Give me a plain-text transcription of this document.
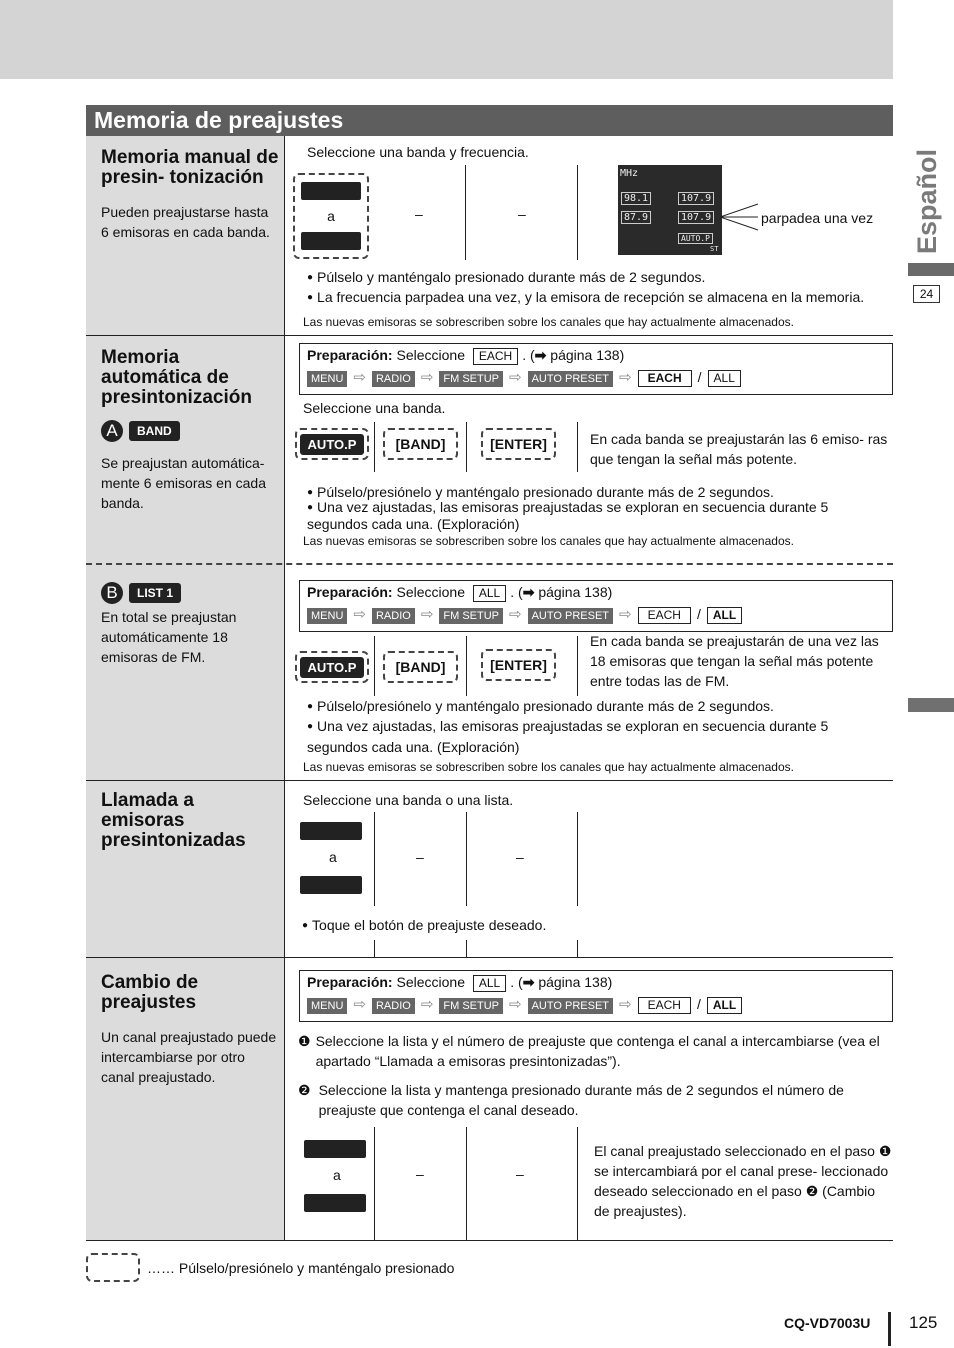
Memoria de preajustes
Español
24
Memoria manual de presin- tonización
Pueden preajustarse hasta 6 emisoras en cada banda.
Seleccione una banda y frecuencia.
a	–	–
MHz
98.1
87.9
107.9
107.9
AUTO.P
ST
parpadea una vez
● Púlselo y manténgalo presionado durante más de 2 segundos.
● La frecuencia parpadea una vez, y la emisora de recepción se almacena en la memoria.
Las nuevas emisoras se sobrescriben sobre los canales que hay actualmente almacenados.
Memoria automática de presintonización
A	BAND
Se preajustan automática- mente 6 emisoras en cada banda.
Preparación: Seleccione EACH . (➡ página 138)
MENU ⇨ RADIO ⇨ FM SETUP ⇨ AUTO PRESET ⇨ EACH / ALL
Seleccione una banda.
AUTO.P	[BAND]	[ENTER]	En cada banda se preajustarán las 6 emiso- ras que tengan la señal más potente.
● Púlselo/presiónelo y manténgalo presionado durante más de 2 segundos.
● Una vez ajustadas, las emisoras preajustadas se exploran en secuencia durante 5 segundos cada una. (Exploración)
Las nuevas emisoras se sobrescriben sobre los canales que hay actualmente almacenados.
B	LIST 1
En total se preajustan automáticamente 18 emisoras de FM.
Preparación: Seleccione ALL . (➡ página 138)
MENU ⇨ RADIO ⇨ FM SETUP ⇨ AUTO PRESET ⇨ EACH / ALL
AUTO.P	[BAND]	[ENTER]
En cada banda se preajustarán de una vez las 18 emisoras que tengan la señal más potente entre todas las de FM.
● Púlselo/presiónelo y manténgalo presionado durante más de 2 segundos.
● Una vez ajustadas, las emisoras preajustadas se exploran en secuencia durante 5 segundos cada una. (Exploración)
Las nuevas emisoras se sobrescriben sobre los canales que hay actualmente almacenados.
Llamada a emisoras presintonizadas
Seleccione una banda o una lista.
a	–	–
● Toque el botón de preajuste deseado.
Cambio de preajustes
Un canal preajustado puede intercambiarse por otro canal preajustado.
Preparación: Seleccione ALL . (➡ página 138)
MENU ⇨ RADIO ⇨ FM SETUP ⇨ AUTO PRESET ⇨ EACH / ALL
❶ Seleccione la lista y el número de preajuste que contenga el canal a intercambiarse (vea el apartado “Llamada a emisoras presintonizadas”).
❷ Seleccione la lista y mantenga presionado durante más de 2 segundos el número de preajuste que contenga el canal deseado.
a	–	–
El canal preajustado seleccionado en el paso ❶ se intercambiará por el canal prese- leccionado deseado seleccionado en el paso ❷ (Cambio de preajustes).
…… Púlselo/presiónelo y manténgalo presionado
CQ-VD7003U 125
